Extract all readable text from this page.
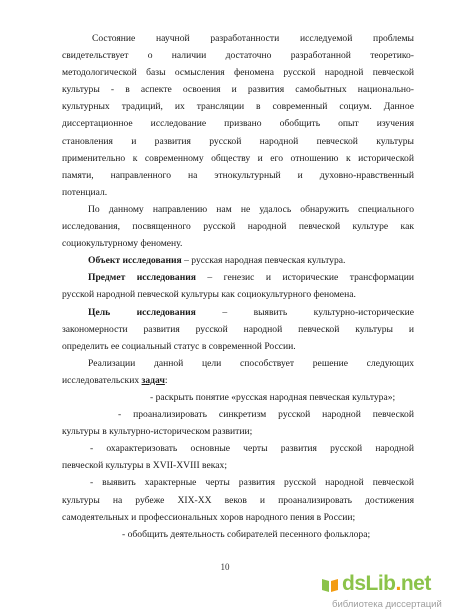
Состояние научной разработанности исследуемой проблемы
свидетельствует о наличии достаточно разработанной теоретико-
методологической базы осмысления феномена русской народной певческой
культуры - в аспекте освоения и развития самобытных национально-
культурных традиций, их трансляции в современный социум. Данное
диссертационное исследование призвано обобщить опыт изучения
становления и развития русской народной певческой культуры
применительно к современному обществу и его отношению к исторической
памяти, направленного на этнокультурный и духовно-нравственный
потенциал.
По данному направлению нам не удалось обнаружить специального
исследования, посвященного русской народной певческой культуре как
социокультурному феномену.
Объект исследования – русская народная певческая культура.
Предмет исследования – генезис и исторические трансформации
русской народной певческой культуры как социокультурного феномена.
Цель исследования – выявить культурно-исторические
закономерности развития русской народной певческой культуры и
определить ее социальный статус в современной России.
Реализации данной цели способствует решение следующих
исследовательских задач:
- раскрыть понятие «русская народная певческая культура»;
- проанализировать синкретизм русской народной певческой
культуры в культурно-историческом развитии;
- охарактеризовать основные черты развития русской народной
певческой культуры в XVII-XVIII веках;
- выявить характерные черты развития русской народной певческой
культуры на рубеже XIX-XX веков и проанализировать достижения
самодеятельных и профессиональных хоров народного пения в России;
- обобщить деятельность собирателей песенного фольклора;
10
dsLib.net
библиотека диссертаций
